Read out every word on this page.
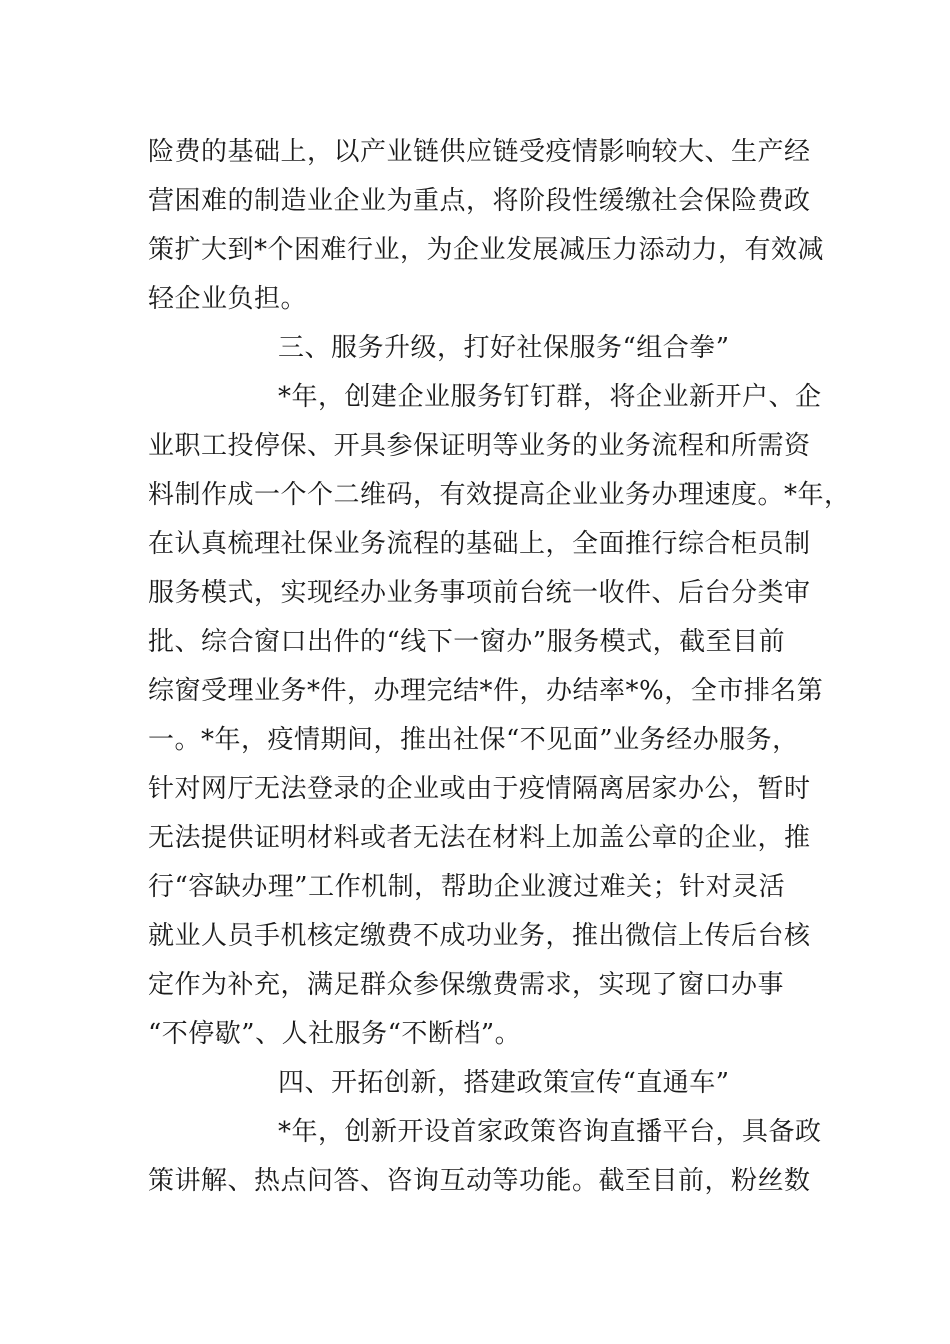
险费的基础上，以产业链供应链受疫情影响较大、生产经
营困难的制造业企业为重点，将阶段性缓缴社会保险费政
策扩大到*个困难行业，为企业发展减压力添动力，有效减
轻企业负担。
三、服务升级，打好社保服务“组合拳”
*年，创建企业服务钉钉群，将企业新开户、企
业职工投停保、开具参保证明等业务的业务流程和所需资
料制作成一个个二维码，有效提高企业业务办理速度。*年，
在认真梳理社保业务流程的基础上，全面推行综合柜员制
服务模式，实现经办业务事项前台统一收件、后台分类审
批、综合窗口出件的“线下一窗办”服务模式，截至目前
综窗受理业务*件，办理完结*件，办结率*%，全市排名第
一。*年，疫情期间，推出社保“不见面”业务经办服务，
针对网厅无法登录的企业或由于疫情隔离居家办公，暂时
无法提供证明材料或者无法在材料上加盖公章的企业，推
行“容缺办理”工作机制，帮助企业渡过难关；针对灵活
就业人员手机核定缴费不成功业务，推出微信上传后台核
定作为补充，满足群众参保缴费需求，实现了窗口办事
“不停歇”、人社服务“不断档”。
四、开拓创新，搭建政策宣传“直通车”
*年，创新开设首家政策咨询直播平台，具备政
策讲解、热点问答、咨询互动等功能。截至目前，粉丝数
